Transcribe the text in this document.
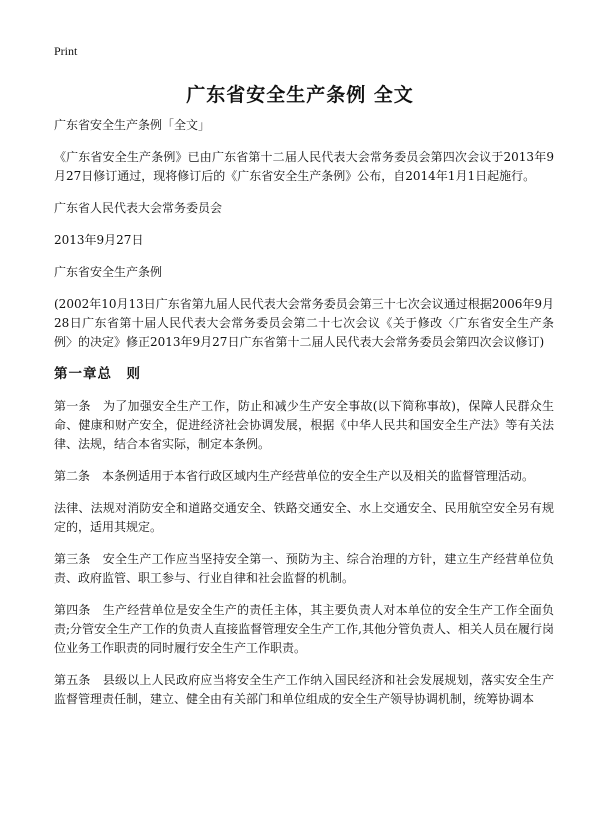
Print
广东省安全生产条例 全文

广东省安全生产条例「全文」

《广东省安全生产条例》已由广东省第十二届人民代表大会常务委员会第四次会议于2013年9月27日修订通过，现将修订后的《广东省安全生产条例》公布，自2014年1月1日起施行。

广东省人民代表大会常务委员会

2013年9月27日

广东省安全生产条例

(2002年10月13日广东省第九届人民代表大会常务委员会第三十七次会议通过根据2006年9月28日广东省第十届人民代表大会常务委员会第二十七次会议《关于修改〈广东省安全生产条例〉的决定》修正2013年9月27日广东省第十二届人民代表大会常务委员会第四次会议修订)

第一章总　则

第一条　为了加强安全生产工作，防止和减少生产安全事故(以下简称事故)，保障人民群众生命、健康和财产安全，促进经济社会协调发展，根据《中华人民共和国安全生产法》等有关法律、法规，结合本省实际，制定本条例。

第二条　本条例适用于本省行政区域内生产经营单位的安全生产以及相关的监督管理活动。

法律、法规对消防安全和道路交通安全、铁路交通安全、水上交通安全、民用航空安全另有规定的，适用其规定。

第三条　安全生产工作应当坚持安全第一、预防为主、综合治理的方针，建立生产经营单位负责、政府监管、职工参与、行业自律和社会监督的机制。

第四条　生产经营单位是安全生产的责任主体，其主要负责人对本单位的安全生产工作全面负责;分管安全生产工作的负责人直接监督管理安全生产工作,其他分管负责人、相关人员在履行岗位业务工作职责的同时履行安全生产工作职责。

第五条　县级以上人民政府应当将安全生产工作纳入国民经济和社会发展规划，落实安全生产监督管理责任制，建立、健全由有关部门和单位组成的安全生产领导协调机制，统筹协调本
